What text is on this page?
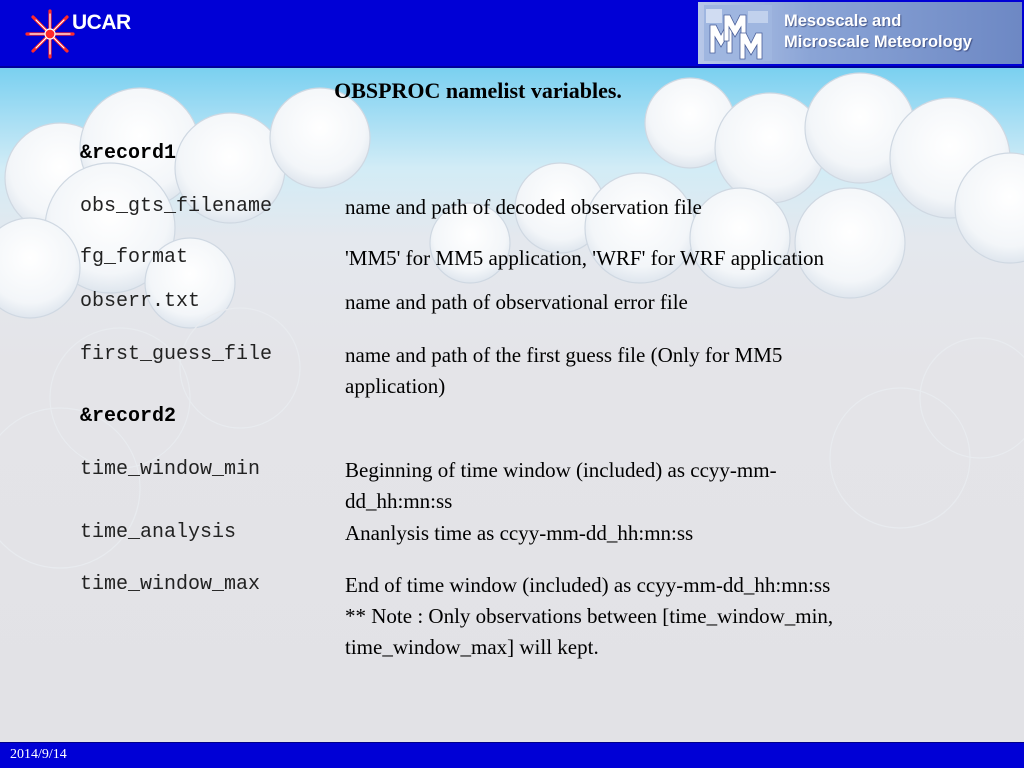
UCAR	Mesoscale and
Microscale Meteorology
OBSPROC namelist variables.
&record1
obs_gts_filename	name and path of decoded observation file
fg_format	'MM5' for MM5 application, 'WRF' for WRF application
obserr.txt	name and path of observational error file
first_guess_file	name and path of the first guess file (Only for MM5
application)
&record2
time_window_min	Beginning of time window (included) as ccyy-mm-
dd_hh:mn:ss
time_analysis	Ananlysis time as ccyy-mm-dd_hh:mn:ss
time_window_max	End of time window (included) as ccyy-mm-dd_hh:mn:ss
** Note : Only observations between [time_window_min,
time_window_max] will kept.
2014/9/14
